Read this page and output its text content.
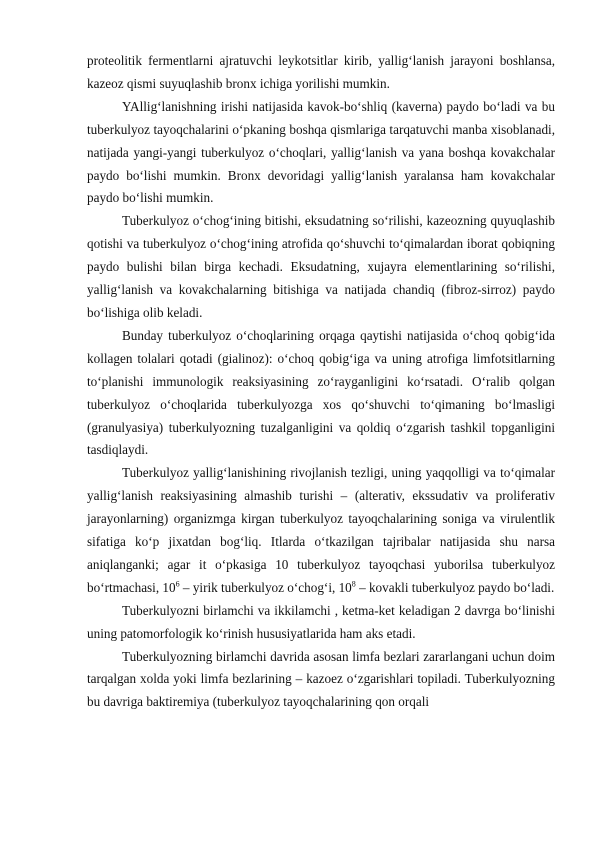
proteolitik fermentlarni ajratuvchi leykotsitlar kirib, yallig‘lanish jarayoni boshlansa, kazeoz qismi suyuqlashib bronx ichiga yorilishi mumkin.

YAllig‘lanishning irishi natijasida kavok-bo‘shliq (kaverna) paydo bo‘ladi va bu tuberkulyoz tayoqchalarini o‘pkaning boshqa qismlariga tarqatuvchi manba xisoblanadi, natijada yangi-yangi tuberkulyoz o‘choqlari, yallig‘lanish va yana boshqa kovakchalar paydo bo‘lishi mumkin. Bronx devoridagi yallig‘lanish yaralansa ham kovakchalar paydo bo‘lishi mumkin.

Tuberkulyoz o‘chog‘ining bitishi, eksudatning so‘rilishi, kazeozning quyuqlashib qotishi va tuberkulyoz o‘chog‘ining atrofida qo‘shuvchi to‘qimalardan iborat qobiqning paydo bulishi bilan birga kechadi. Eksudatning, xujayra elementlarining so‘rilishi, yallig‘lanish va kovakchalarning bitishiga va natijada chandiq (fibroz-sirroz) paydo bo‘lishiga olib keladi.

Bunday tuberkulyoz o‘choqlarining orqaga qaytishi natijasida o‘choq qobig‘ida kollagen tolalari qotadi (gialinoz): o‘choq qobig‘iga va uning atrofiga limfotsitlarning to‘planishi immunologik reaksiyasining zo‘rayganligini ko‘rsatadi. O‘ralib qolgan tuberkulyoz o‘choqlarida tuberkulyozga xos qo‘shuvchi to‘qimaning bo‘lmasligi (granulyasiya) tuberkulyozning tuzalganligini va qoldiq o‘zgarish tashkil topganligini tasdiqlaydi.

Tuberkulyoz yallig‘lanishining rivojlanish tezligi, uning yaqqolligi va to‘qimalar yallig‘lanish reaksiyasining almashib turishi – (alterativ, ekssudativ va proliferativ jarayonlarning) organizmga kirgan tuberkulyoz tayoqchalarining soniga va virulentlik sifatiga ko‘p jixatdan bog‘liq. Itlarda o‘tkazilgan tajribalar natijasida shu narsa aniqlanganki; agar it o‘pkasiga 10 tuberkulyoz tayoqchasi yuborilsa tuberkulyoz bo‘rtmachasi, $10^6$ – yirik tuberkulyoz o‘chog‘i, $10^8$ – kovakli tuberkulyoz paydo bo‘ladi.

Tuberkulyozni birlamchi va ikkilamchi , ketma-ket keladigan 2 davrga bo‘linishi uning patomorfologik ko‘rinish hususiyatlarida ham aks etadi.

Tuberkulyozning birlamchi davrida asosan limfa bezlari zararlangani uchun doim tarqalgan xolda yoki limfa bezlarining – kazoez o‘zgarishlari topiladi. Tuberkulyozning bu davriga baktiremiya (tuberkulyoz tayoqchalarining qon orqali
